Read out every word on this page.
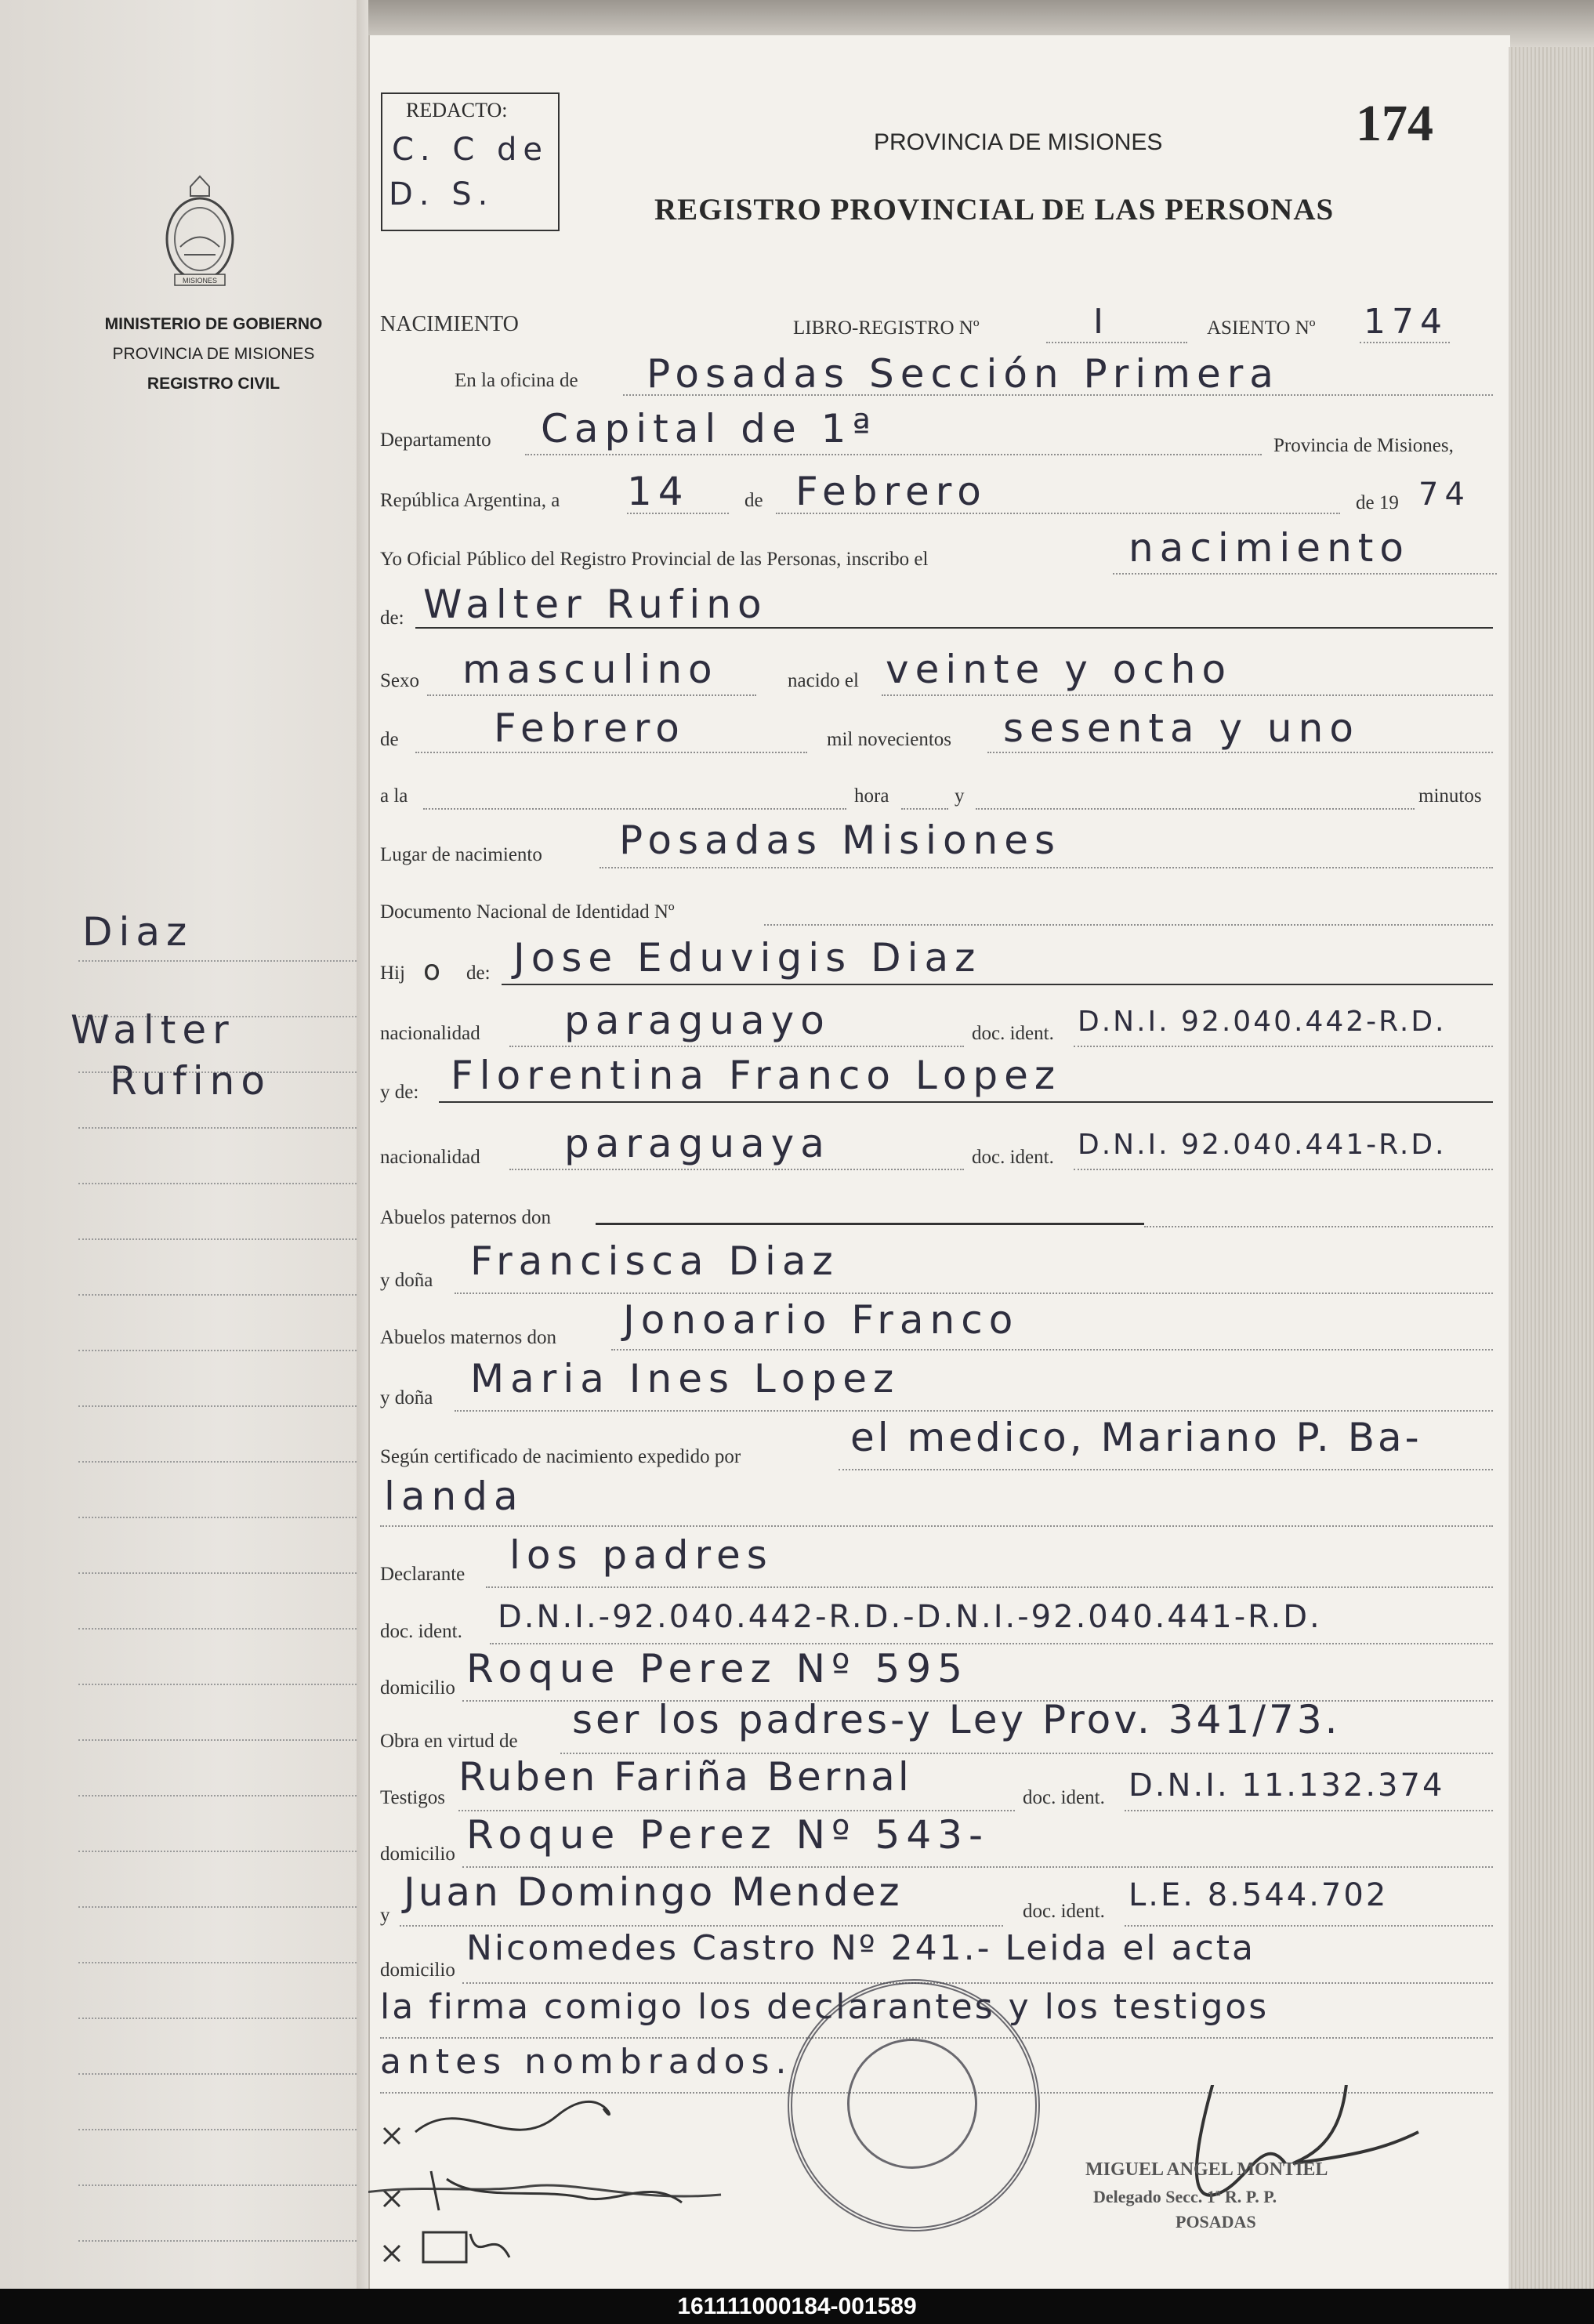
MISIONES
MINISTERIO DE GOBIERNO
PROVINCIA DE MISIONES
REGISTRO CIVIL
Diaz
Walter
Rufino
REDACTO:
C. C de
D. S.
174
PROVINCIA DE MISIONES
REGISTRO PROVINCIAL DE LAS PERSONAS
NACIMIENTO	LIBRO-REGISTRO Nº	I	ASIENTO Nº 174
En la oficina de Posadas Sección Primera
Departamento Capital de 1ª	Provincia de Misiones,
República Argentina, a 14	de Febrero	de 19 74
Yo Oficial Público del Registro Provincial de las Personas, inscribo el	nacimiento
de: Walter Rufino
Sexo masculino	nacido el veinte y ocho
de Febrero	mil novecientos sesenta y uno
a la	hora	y	minutos
Lugar de nacimiento Posadas Misiones
Documento Nacional de Identidad Nº
Hij o de: Jose Eduvigis Diaz
nacionalidad paraguayo	doc. ident. D.N.I. 92.040.442-R.D.
y de: Florentina Franco Lopez
nacionalidad paraguaya	doc. ident. D.N.I. 92.040.441-R.D.
Abuelos paternos don
y doña Francisca Diaz
Abuelos maternos don Jonoario Franco
y doña Maria Ines Lopez
Según certificado de nacimiento expedido por	el medico, Mariano P. Ba-
landa
Declarante los padres
doc. ident. D.N.I.-92.040.442-R.D.-D.N.I.-92.040.441-R.D.
domicilio Roque Perez Nº 595
Obra en virtud de ser los padres-y Ley Prov. 341/73.
Testigos Ruben Fariña Bernal	doc. ident. D.N.I. 11.132.374
domicilio Roque Perez Nº 543-
y
Juan Domingo Mendez	doc. ident. L.E. 8.544.702
domicilio
Nicomedes Castro Nº 241.- Leida el acta
la firma comigo los declarantes y los testigos
antes nombrados.
MIGUEL ANGEL MONTIEL
Delegado Secc. 1ª R. P. P.
POSADAS
161111000184-001589
